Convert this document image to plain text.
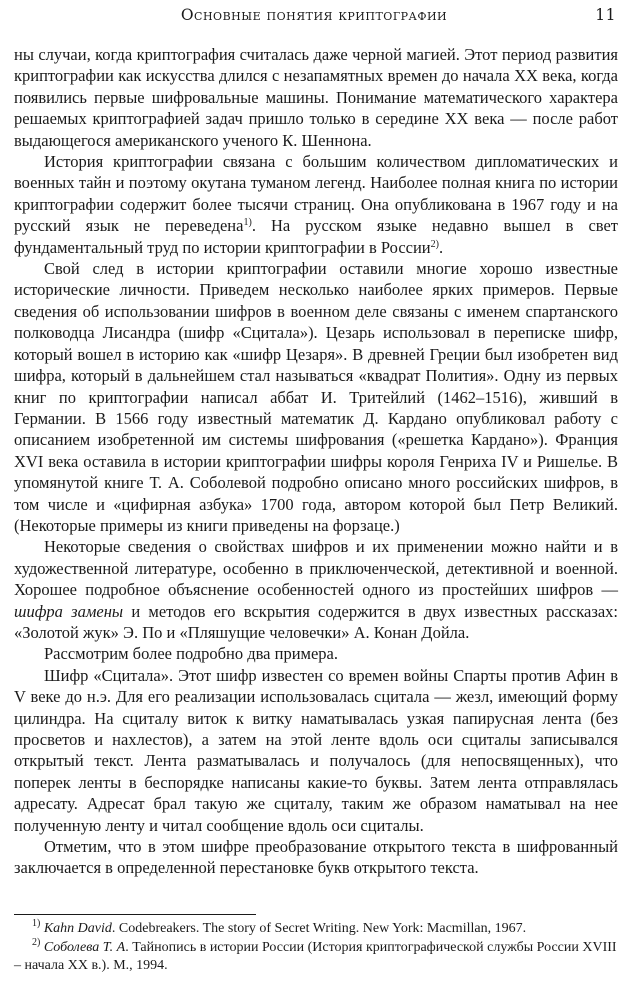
Основные понятия криптографии	11

ны случаи, когда криптография считалась даже черной магией. Этот период развития криптографии как искусства длился с незапамятных времен до начала XX века, когда появились первые шифровальные машины. Понимание математического характера решаемых криптографией задач пришло только в середине XX века — после работ выдающегося американского ученого К. Шеннона.

История криптографии связана с большим количеством дипломатических и военных тайн и поэтому окутана туманом легенд. Наиболее полная книга по истории криптографии содержит более тысячи страниц. Она опубликована в 1967 году и на русский язык не переведена$^{1)}$. На русском языке недавно вышел в свет фундаментальный труд по истории криптографии в России$^{2)}$.

Свой след в истории криптографии оставили многие хорошо известные исторические личности. Приведем несколько наиболее ярких примеров. Первые сведения об использовании шифров в военном деле связаны с именем спартанского полководца Лисандра (шифр «Сцитала»). Цезарь использовал в переписке шифр, который вошел в историю как «шифр Цезаря». В древней Греции был изобретен вид шифра, который в дальнейшем стал называться «квадрат Полития». Одну из первых книг по криптографии написал аббат И. Тритейлий (1462–1516), живший в Германии. В 1566 году известный математик Д. Кардано опубликовал работу с описанием изобретенной им системы шифрования («решетка Кардано»). Франция XVI века оставила в истории криптографии шифры короля Генриха IV и Ришелье. В упомянутой книге Т. А. Соболевой подробно описано много российских шифров, в том числе и «цифирная азбука» 1700 года, автором которой был Петр Великий. (Некоторые примеры из книги приведены на форзаце.)

Некоторые сведения о свойствах шифров и их применении можно найти и в художественной литературе, особенно в приключенческой, детективной и военной. Хорошее подробное объяснение особенностей одного из простейших шифров — шифра замены и методов его вскрытия содержится в двух известных рассказах: «Золотой жук» Э. По и «Пляшущие человечки» А. Конан Дойла.

Рассмотрим более подробно два примера.

Шифр «Сцитала». Этот шифр известен со времен войны Спарты против Афин в V веке до н.э. Для его реализации использовалась сцитала — жезл, имеющий форму цилиндра. На сциталу виток к витку наматывалась узкая папирусная лента (без просветов и нахлестов), а затем на этой ленте вдоль оси сциталы записывался открытый текст. Лента разматывалась и получалось (для непосвященных), что поперек ленты в беспорядке написаны какие-то буквы. Затем лента отправлялась адресату. Адресат брал такую же сциталу, таким же образом наматывал на нее полученную ленту и читал сообщение вдоль оси сциталы.

Отметим, что в этом шифре преобразование открытого текста в шифрованный заключается в определенной перестановке букв открытого текста.

$^{1)}$ Kahn David. Codebreakers. The story of Secret Writing. New York: Macmillan, 1967.

$^{2)}$ Соболева Т. А. Тайнопись в истории России (История криптографической службы России XVIII – начала XX в.). М., 1994.
